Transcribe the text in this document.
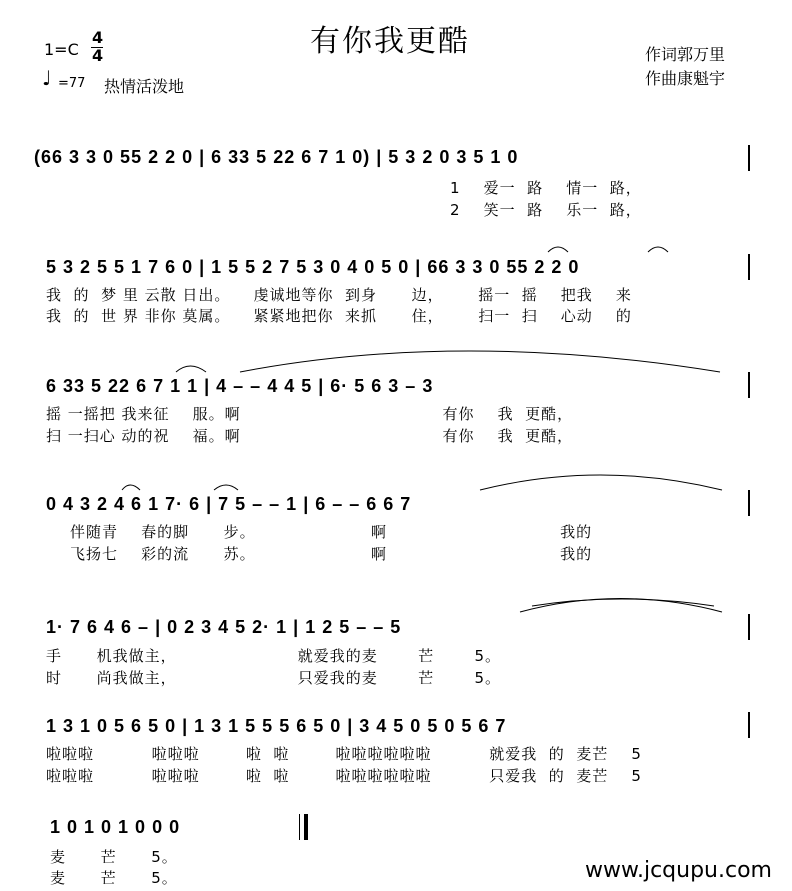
1=C
4
4	有你我更酷
♩ =77 热情活泼地
作词郭万里
作曲康魁宇
(66 3 3 0 55 2 2 0 | 6 33 5 22 6 7 1 0) | 5 3 2 0 3 5 1 0
1    爱一  路    情一  路，
2    笑一  路    乐一  路，
5 3 2 5 5 1 7 6 0 | 1 5 5 2 7 5 3 0 4 0 5 0 | 66 3 3 0 55 2 2 0
我  的  梦 里 云散 日出。    虔诚地等你  到身      边，      摇一  摇    把我    来
我  的  世 界 非你 莫属。    紧紧地把你  来抓      住，      扫一  扫    心动    的
6 33 5 22 6 7 1 1 | 4 – – 4 4 5 | 6· 5 6 3 – 3
摇 一摇把 我来征    服。啊                                   有你    我  更酷，
扫 一扫心 动的祝    福。啊                                   有你    我  更酷，
0 4 3 2 4 6 1 7· 6 | 7 5 – – 1 | 6 – – 6 6 7
伴随青    春的脚      步。                    啊                              我的
飞扬七    彩的流      苏。                    啊                              我的
1· 7 6 4 6 – | 0 2 3 4 5 2· 1 | 1 2 5 – – 5
手      机我做主，                     就爱我的麦       芒       5。
时      尚我做主，                     只爱我的麦       芒       5。
1 3 1 0 5 6 5 0 | 1 3 1 5 5 5 6 5 0 | 3 4 5 0 5 0 5 6 7
啦啦啦          啦啦啦        啦  啦        啦啦啦啦啦啦          就爱我  的  麦芒    5
啦啦啦          啦啦啦        啦  啦        啦啦啦啦啦啦          只爱我  的  麦芒    5
1 0 1 0 1 0 0 0
麦      芒      5。
麦      芒      5。	www.jcqupu.com
